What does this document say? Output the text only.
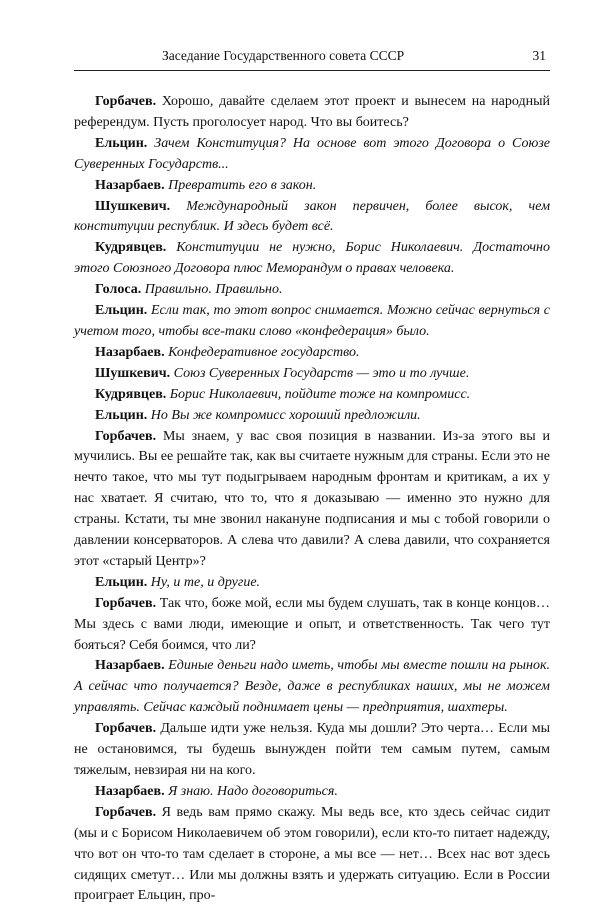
Заседание Государственного совета СССР	31

Горбачев. Хорошо, давайте сделаем этот проект и вынесем на народный референдум. Пусть проголосует народ. Что вы боитесь?

Ельцин. Зачем Конституция? На основе вот этого Договора о Союзе Суверенных Государств...

Назарбаев. Превратить его в закон.

Шушкевич. Международный закон первичен, более высок, чем конституции республик. И здесь будет всё.

Кудрявцев. Конституции не нужно, Борис Николаевич. Достаточно этого Союзного Договора плюс Меморандум о правах человека.

Голоса. Правильно. Правильно.

Ельцин. Если так, то этот вопрос снимается. Можно сейчас вернуться с учетом того, чтобы все-таки слово «конфедерация» было.

Назарбаев. Конфедеративное государство.

Шушкевич. Союз Суверенных Государств — это и то лучше.

Кудрявцев. Борис Николаевич, пойдите тоже на компромисс.

Ельцин. Но Вы же компромисс хороший предложили.

Горбачев. Мы знаем, у вас своя позиция в названии. Из-за этого вы и мучились. Вы ее решайте так, как вы считаете нужным для страны. Если это не нечто такое, что мы тут подыгрываем народным фронтам и критикам, а их у нас хватает. Я считаю, что то, что я доказываю — именно это нужно для страны. Кстати, ты мне звонил накануне подписания и мы с тобой говорили о давлении консерваторов. А слева что давили? А слева давили, что сохраняется этот «старый Центр»?

Ельцин. Ну, и те, и другие.

Горбачев. Так что, боже мой, если мы будем слушать, так в конце концов… Мы здесь с вами люди, имеющие и опыт, и ответственность. Так чего тут бояться? Себя боимся, что ли?

Назарбаев. Единые деньги надо иметь, чтобы мы вместе пошли на рынок. А сейчас что получается? Везде, даже в республиках наших, мы не можем управлять. Сейчас каждый поднимает цены — предприятия, шахтеры.

Горбачев. Дальше идти уже нельзя. Куда мы дошли? Это черта… Если мы не остановимся, ты будешь вынужден пойти тем самым путем, самым тяжелым, невзирая ни на кого.

Назарбаев. Я знаю. Надо договориться.

Горбачев. Я ведь вам прямо скажу. Мы ведь все, кто здесь сейчас сидит (мы и с Борисом Николаевичем об этом говорили), если кто-то питает надежду, что вот он что-то там сделает в стороне, а мы все — нет… Всех нас вот здесь сидящих сметут… Или мы должны взять и удержать ситуацию. Если в России проиграет Ельцин, про-
